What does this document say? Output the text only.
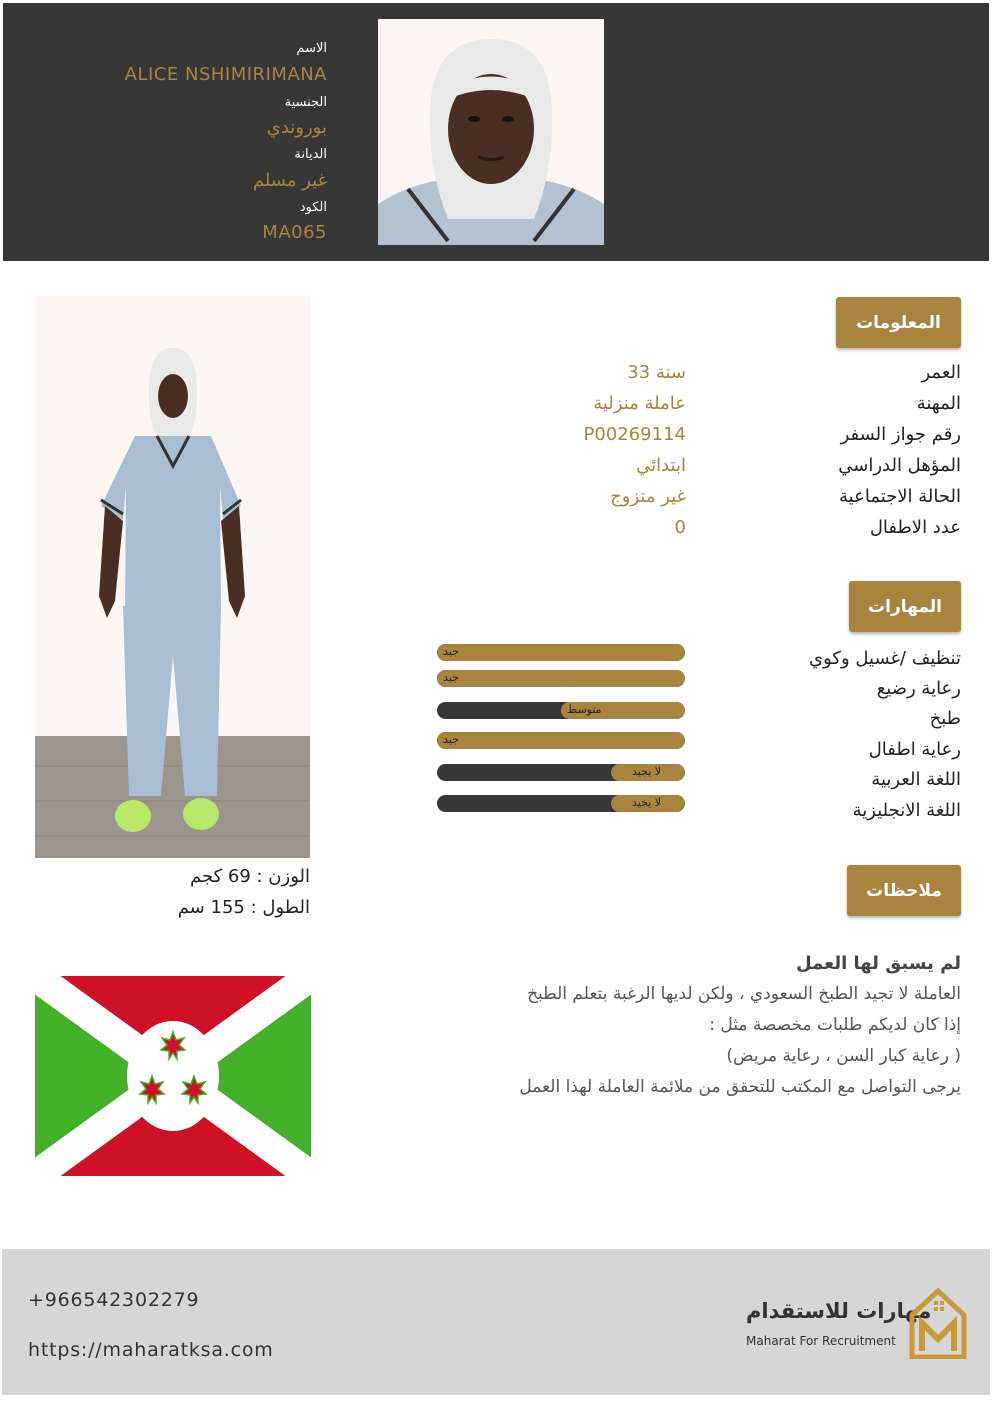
الاسم
ALICE NSHIMIRIMANA
الجنسية
بوروندي
الديانة
غير مسلم
الكود
MA065
الوزن : 69 كجم
الطول : 155 سم
المعلومات
العمر
33 سنة
المهنة
عاملة منزلية
رقم جواز السفر
P00269114
المؤهل الدراسي
ابتدائي
الحالة الاجتماعية
غير متزوج
عدد الاطفال
0
المهارات
تنظيف /غسيل وكوي
رعاية رضيع
طبخ
رعاية اطفال
اللغة العربية
اللغة الانجليزية
جيد
جيد
متوسط
جيد
لا يجيد
لا يجيد
ملاحظات
لم يسبق لها العمل
العاملة لا تجيد الطبخ السعودي ، ولكن لديها الرغبة بتعلم الطبخ
إذا كان لديكم طلبات مخصصة مثل :
( رعاية كبار السن ، رعاية مريض)
يرجى التواصل مع المكتب للتحقق من ملائمة العاملة لهذا العمل
+966542302279
https://maharatksa.com
مهارات للاستقدام
Maharat For Recruitment
